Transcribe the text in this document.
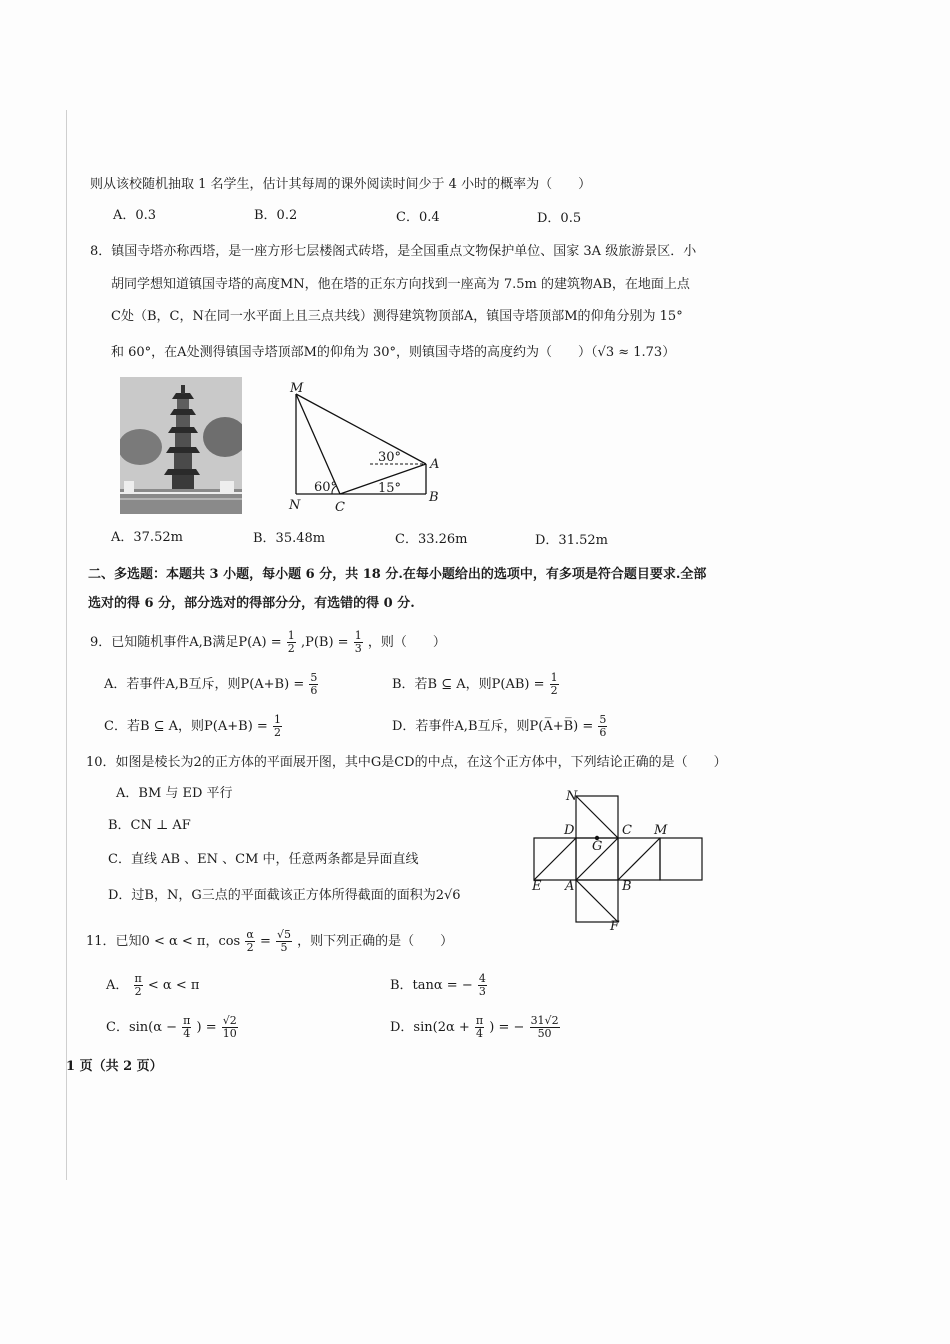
则从该校随机抽取 1 名学生，估计其每周的课外阅读时间少于 4 小时的概率为（　　）
A．0.3	B．0.2	C．0.4	D．0.5
8．镇国寺塔亦称西塔，是一座方形七层楼阁式砖塔，是全国重点文物保护单位、国家 3A 级旅游景区．小
胡同学想知道镇国寺塔的高度MN，他在塔的正东方向找到一座高为 7.5m 的建筑物AB，在地面上点
C处（B，C，N在同一水平面上且三点共线）测得建筑物顶部A，镇国寺塔顶部M的仰角分别为 15°
和 60°，在A处测得镇国寺塔顶部M的仰角为 30°，则镇国寺塔的高度约为（　　）（√3 ≈ 1.73）
M
N	C
A
B
60°	15°
30°
A．37.52m	B．35.48m	C．33.26m	D．31.52m
二、多选题：本题共 3 小题，每小题 6 分，共 18 分.在每小题给出的选项中，有多项是符合题目要求.全部
选对的得 6 分，部分选对的得部分分，有选错的得 0 分.
9．已知随机事件A,B满足$P(A) = \frac{1}{2} ,P(B) = \frac{1}{3}$ ，则（　　）
A．若事件A,B互斥，则$P(A+B) = \frac{5}{6}$	B．若B ⊆ A，则$P(AB) = \frac{1}{2}$
C．若B ⊆ A，则$P(A+B) = \frac{1}{2}$	D．若事件A,B互斥，则P(A̅+B̅) = $\frac{5}{6}$
10．如图是棱长为2的正方体的平面展开图，其中G是CD的中点，在这个正方体中，下列结论正确的是（　　）
A．BM 与 ED 平行
B．CN ⊥ AF
C．直线 AB 、EN 、CM 中，任意两条都是异面直线
D．过B，N，G三点的平面截该正方体所得截面的面积为2√6
N
D	C M
G
E A	B
F
11．已知0 < α < π，$\cos \frac{\alpha}{2} = \frac{√5}{5}$ ，则下列正确的是（　　）
A． $\frac{\pi}{2} < \alpha < \pi$	B．tanα = − $\frac{4}{3}$
C．$\sin(\alpha - \frac{\pi}{4}$ ) = $\frac{√2}{10}$	D．$\sin(2\alpha + \frac{\pi}{4}$ ) = − $\frac{31√2}{50}$
1 页（共 2 页）
